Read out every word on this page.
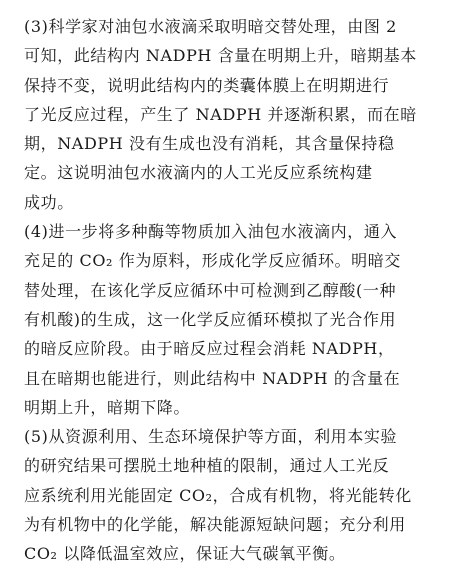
(3)科学家对油包水液滴采取明暗交替处理，由图 2
可知，此结构内 NADPH 含量在明期上升，暗期基本
保持不变，说明此结构内的类囊体膜上在明期进行
了光反应过程，产生了 NADPH 并逐渐积累，而在暗
期，NADPH 没有生成也没有消耗，其含量保持稳
定。这说明油包水液滴内的人工光反应系统构建
成功。
(4)进一步将多种酶等物质加入油包水液滴内，通入
充足的 CO₂ 作为原料，形成化学反应循环。明暗交
替处理，在该化学反应循环中可检测到乙醇酸(一种
有机酸)的生成，这一化学反应循环模拟了光合作用
的暗反应阶段。由于暗反应过程会消耗 NADPH，
且在暗期也能进行，则此结构中 NADPH 的含量在
明期上升，暗期下降。
(5)从资源利用、生态环境保护等方面，利用本实验
的研究结果可摆脱土地种植的限制，通过人工光反
应系统利用光能固定 CO₂，合成有机物，将光能转化
为有机物中的化学能，解决能源短缺问题；充分利用
CO₂ 以降低温室效应，保证大气碳氧平衡。
